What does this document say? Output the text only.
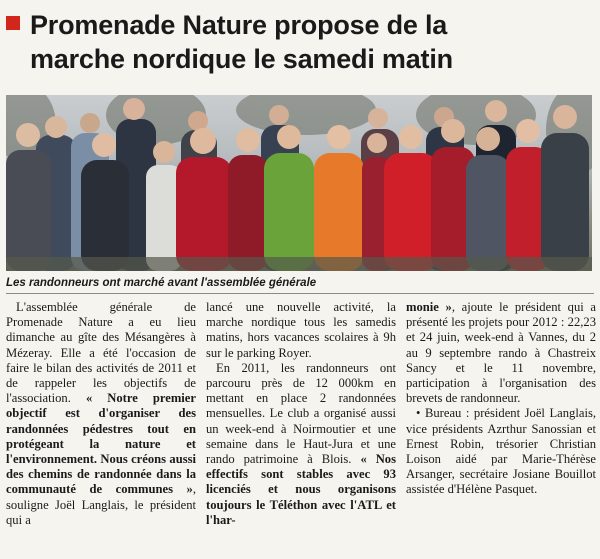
Promenade Nature propose de la
marche nordique le samedi matin
Les randonneurs ont marché avant l'assemblée générale

L'assemblée générale de Promenade Nature a eu lieu dimanche au gîte des Mésangères à Mézeray. Elle a été l'occasion de faire le bilan des activités de 2011 et de rappeler les objectifs de l'association. « Notre premier objectif est d'organiser des randonnées pédestres tout en protégeant la nature et l'environnement. Nous créons aussi des chemins de randonnée dans la communauté de communes », souligne Joël Langlais, le président qui a

lancé une nouvelle activité, la marche nordique tous les samedis matins, hors vacances scolaires à 9h sur le parking Royer.

En 2011, les randonneurs ont parcouru près de 12 000km en mettant en place 2 randonnées mensuelles. Le club a organisé aussi un week-end à Noirmoutier et une semaine dans le Haut-Jura et une rando patrimoine à Blois. « Nos effectifs sont stables avec 93 licenciés et nous organisons toujours le Téléthon avec l'ATL et l'har-

monie », ajoute le président qui a présenté les projets pour 2012 : 22,23 et 24 juin, week-end à Vannes, du 2 au 9 septembre rando à Chastreix Sancy et le 11 novembre, participation à l'organisation des brevets de randonneur.

• Bureau : président Joël Langlais, vice présidents Azrthur Sanossian et Ernest Robin, trésorier Christian Loison aidé par Marie-Thérèse Arsanger, secrétaire Josiane Bouillot assistée d'Hélène Pasquet.
